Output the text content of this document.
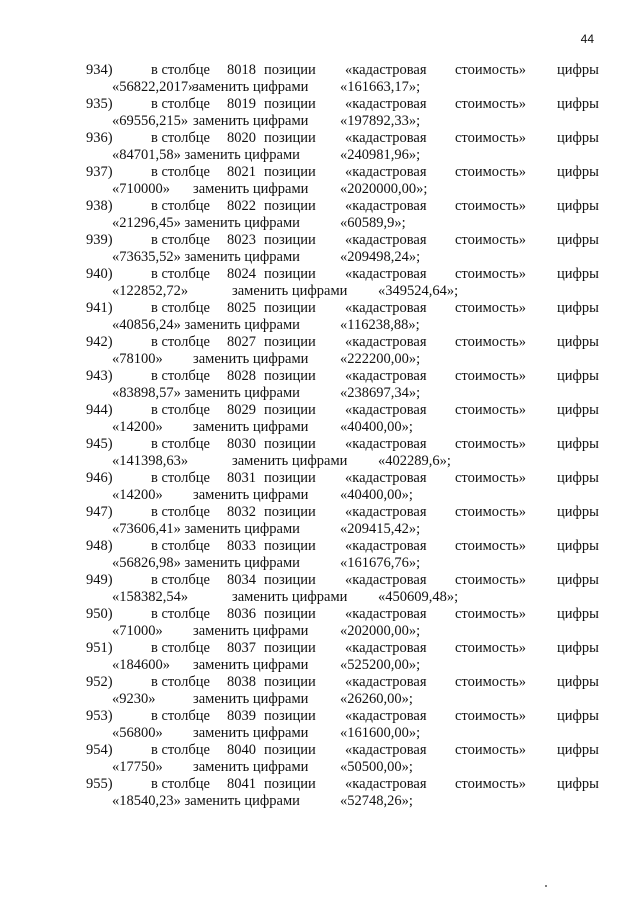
44
934)	в столбце 8018 позиции «кадастровая стоимость» цифры
«56822,2017»
заменить цифрами «161663,17»;
935)	в столбце 8019 позиции «кадастровая стоимость» цифры
«69556,215» заменить цифрами «197892,33»;
936)	в столбце 8020 позиции «кадастровая стоимость» цифры
«84701,58» заменить цифрами	«240981,96»;
937)	в столбце 8021 позиции «кадастровая стоимость» цифры
«710000» заменить цифрами «2020000,00»;
938)	в столбце 8022 позиции «кадастровая стоимость» цифры
«21296,45» заменить цифрами	«60589,9»;
939)	в столбце 8023 позиции «кадастровая стоимость» цифры
«73635,52» заменить цифрами	«209498,24»;
940)	в столбце 8024 позиции «кадастровая стоимость» цифры
«122852,72»	заменить цифрами «349524,64»;
941)	в столбце 8025 позиции «кадастровая стоимость» цифры
«40856,24» заменить цифрами	«116238,88»;
942)	в столбце 8027 позиции «кадастровая стоимость» цифры
«78100» заменить цифрами «222200,00»;
943)	в столбце 8028 позиции «кадастровая стоимость» цифры
«83898,57» заменить цифрами	«238697,34»;
944)	в столбце 8029 позиции «кадастровая стоимость» цифры
«14200» заменить цифрами «40400,00»;
945)	в столбце 8030 позиции «кадастровая стоимость» цифры
«141398,63»	заменить цифрами «402289,6»;
946)	в столбце 8031 позиции «кадастровая стоимость» цифры
«14200» заменить цифрами «40400,00»;
947)	в столбце 8032 позиции «кадастровая стоимость» цифры
«73606,41» заменить цифрами	«209415,42»;
948)	в столбце 8033 позиции «кадастровая стоимость» цифры
«56826,98» заменить цифрами	«161676,76»;
949)	в столбце 8034 позиции «кадастровая стоимость» цифры
«158382,54»	заменить цифрами «450609,48»;
950)	в столбце 8036 позиции «кадастровая стоимость» цифры
«71000» заменить цифрами «202000,00»;
951)	в столбце 8037 позиции «кадастровая стоимость» цифры
«184600» заменить цифрами «525200,00»;
952)	в столбце 8038 позиции «кадастровая стоимость» цифры
«9230»	заменить цифрами «26260,00»;
953)	в столбце 8039 позиции «кадастровая стоимость» цифры
«56800» заменить цифрами «161600,00»;
954)	в столбце 8040 позиции «кадастровая стоимость» цифры
«17750» заменить цифрами «50500,00»;
955)	в столбце 8041 позиции «кадастровая стоимость» цифры
«18540,23» заменить цифрами	«52748,26»;
